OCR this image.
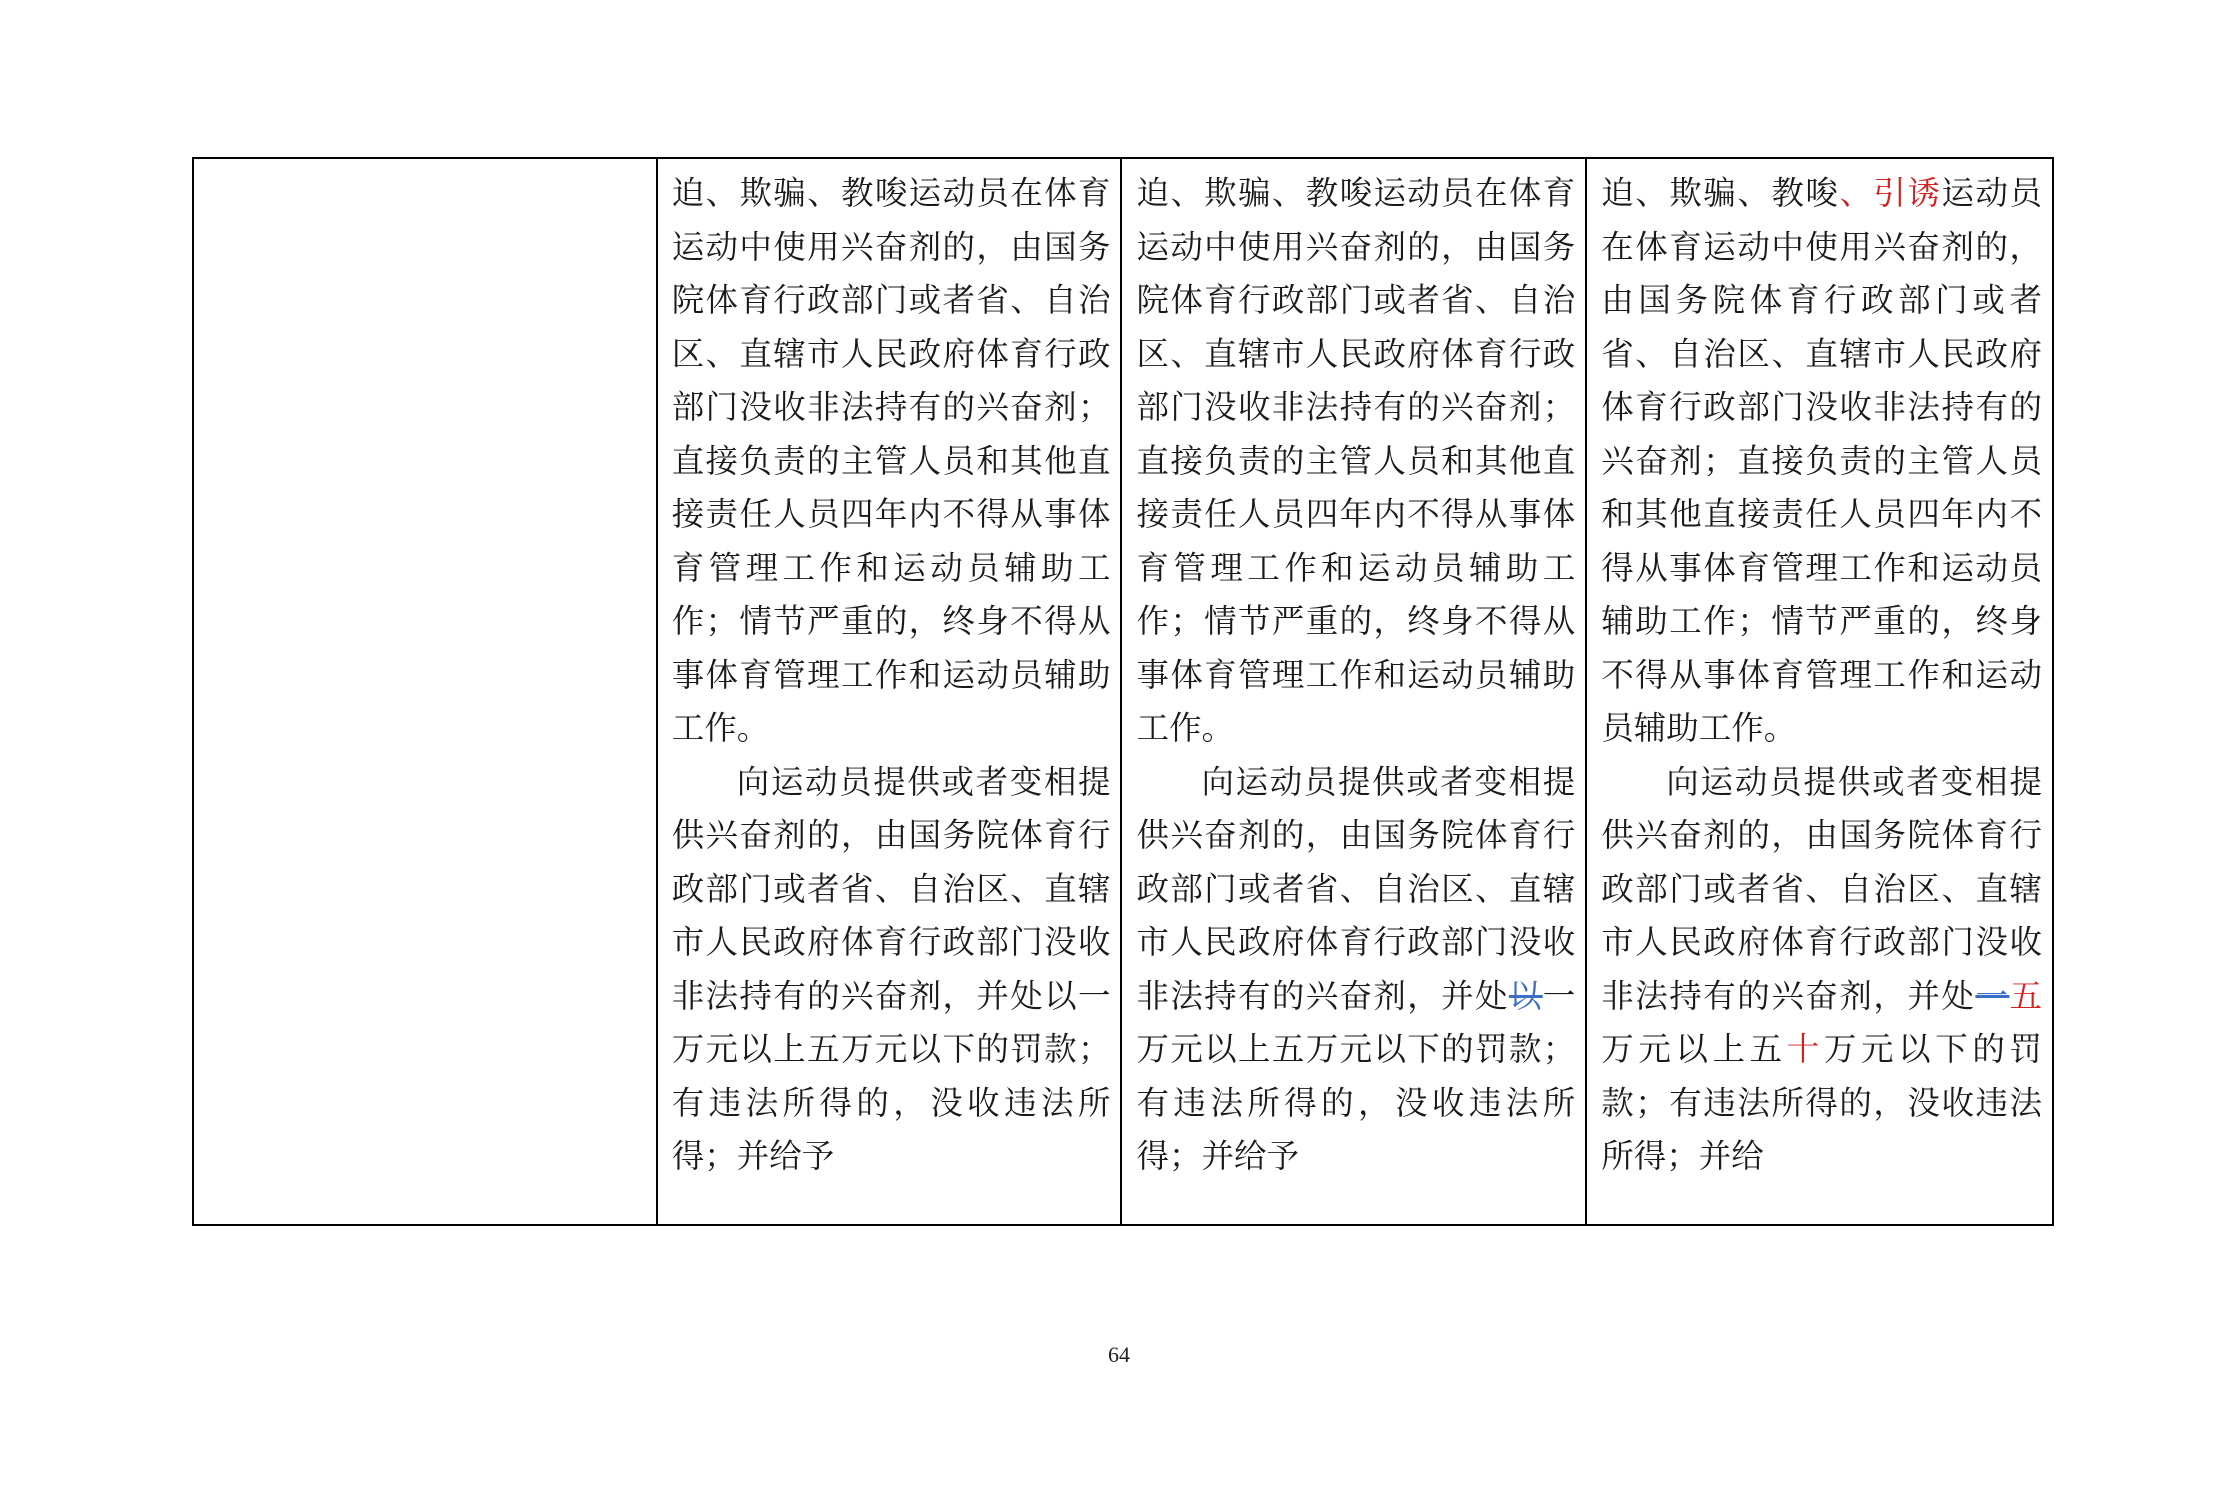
迫、欺骗、教唆运动员在体育运动中使用兴奋剂的，由国务院体育行政部门或者省、自治区、直辖市人民政府体育行政部门没收非法持有的兴奋剂；直接负责的主管人员和其他直接责任人员四年内不得从事体育管理工作和运动员辅助工作；情节严重的，终身不得从事体育管理工作和运动员辅助工作。

向运动员提供或者变相提供兴奋剂的，由国务院体育行政部门或者省、自治区、直辖市人民政府体育行政部门没收非法持有的兴奋剂，并处以一万元以上五万元以下的罚款；有违法所得的，没收违法所得；并给予

迫、欺骗、教唆运动员在体育运动中使用兴奋剂的，由国务院体育行政部门或者省、自治区、直辖市人民政府体育行政部门没收非法持有的兴奋剂；直接负责的主管人员和其他直接责任人员四年内不得从事体育管理工作和运动员辅助工作；情节严重的，终身不得从事体育管理工作和运动员辅助工作。

向运动员提供或者变相提供兴奋剂的，由国务院体育行政部门或者省、自治区、直辖市人民政府体育行政部门没收非法持有的兴奋剂，并处以一万元以上五万元以下的罚款；有违法所得的，没收违法所得；并给予

迫、欺骗、教唆、引诱运动员在体育运动中使用兴奋剂的，由国务院体育行政部门或者省、自治区、直辖市人民政府体育行政部门没收非法持有的兴奋剂；直接负责的主管人员和其他直接责任人员四年内不得从事体育管理工作和运动员辅助工作；情节严重的，终身不得从事体育管理工作和运动员辅助工作。

向运动员提供或者变相提供兴奋剂的，由国务院体育行政部门或者省、自治区、直辖市人民政府体育行政部门没收非法持有的兴奋剂，并处一五万元以上五十万元以下的罚款；有违法所得的，没收违法所得；并给

64
